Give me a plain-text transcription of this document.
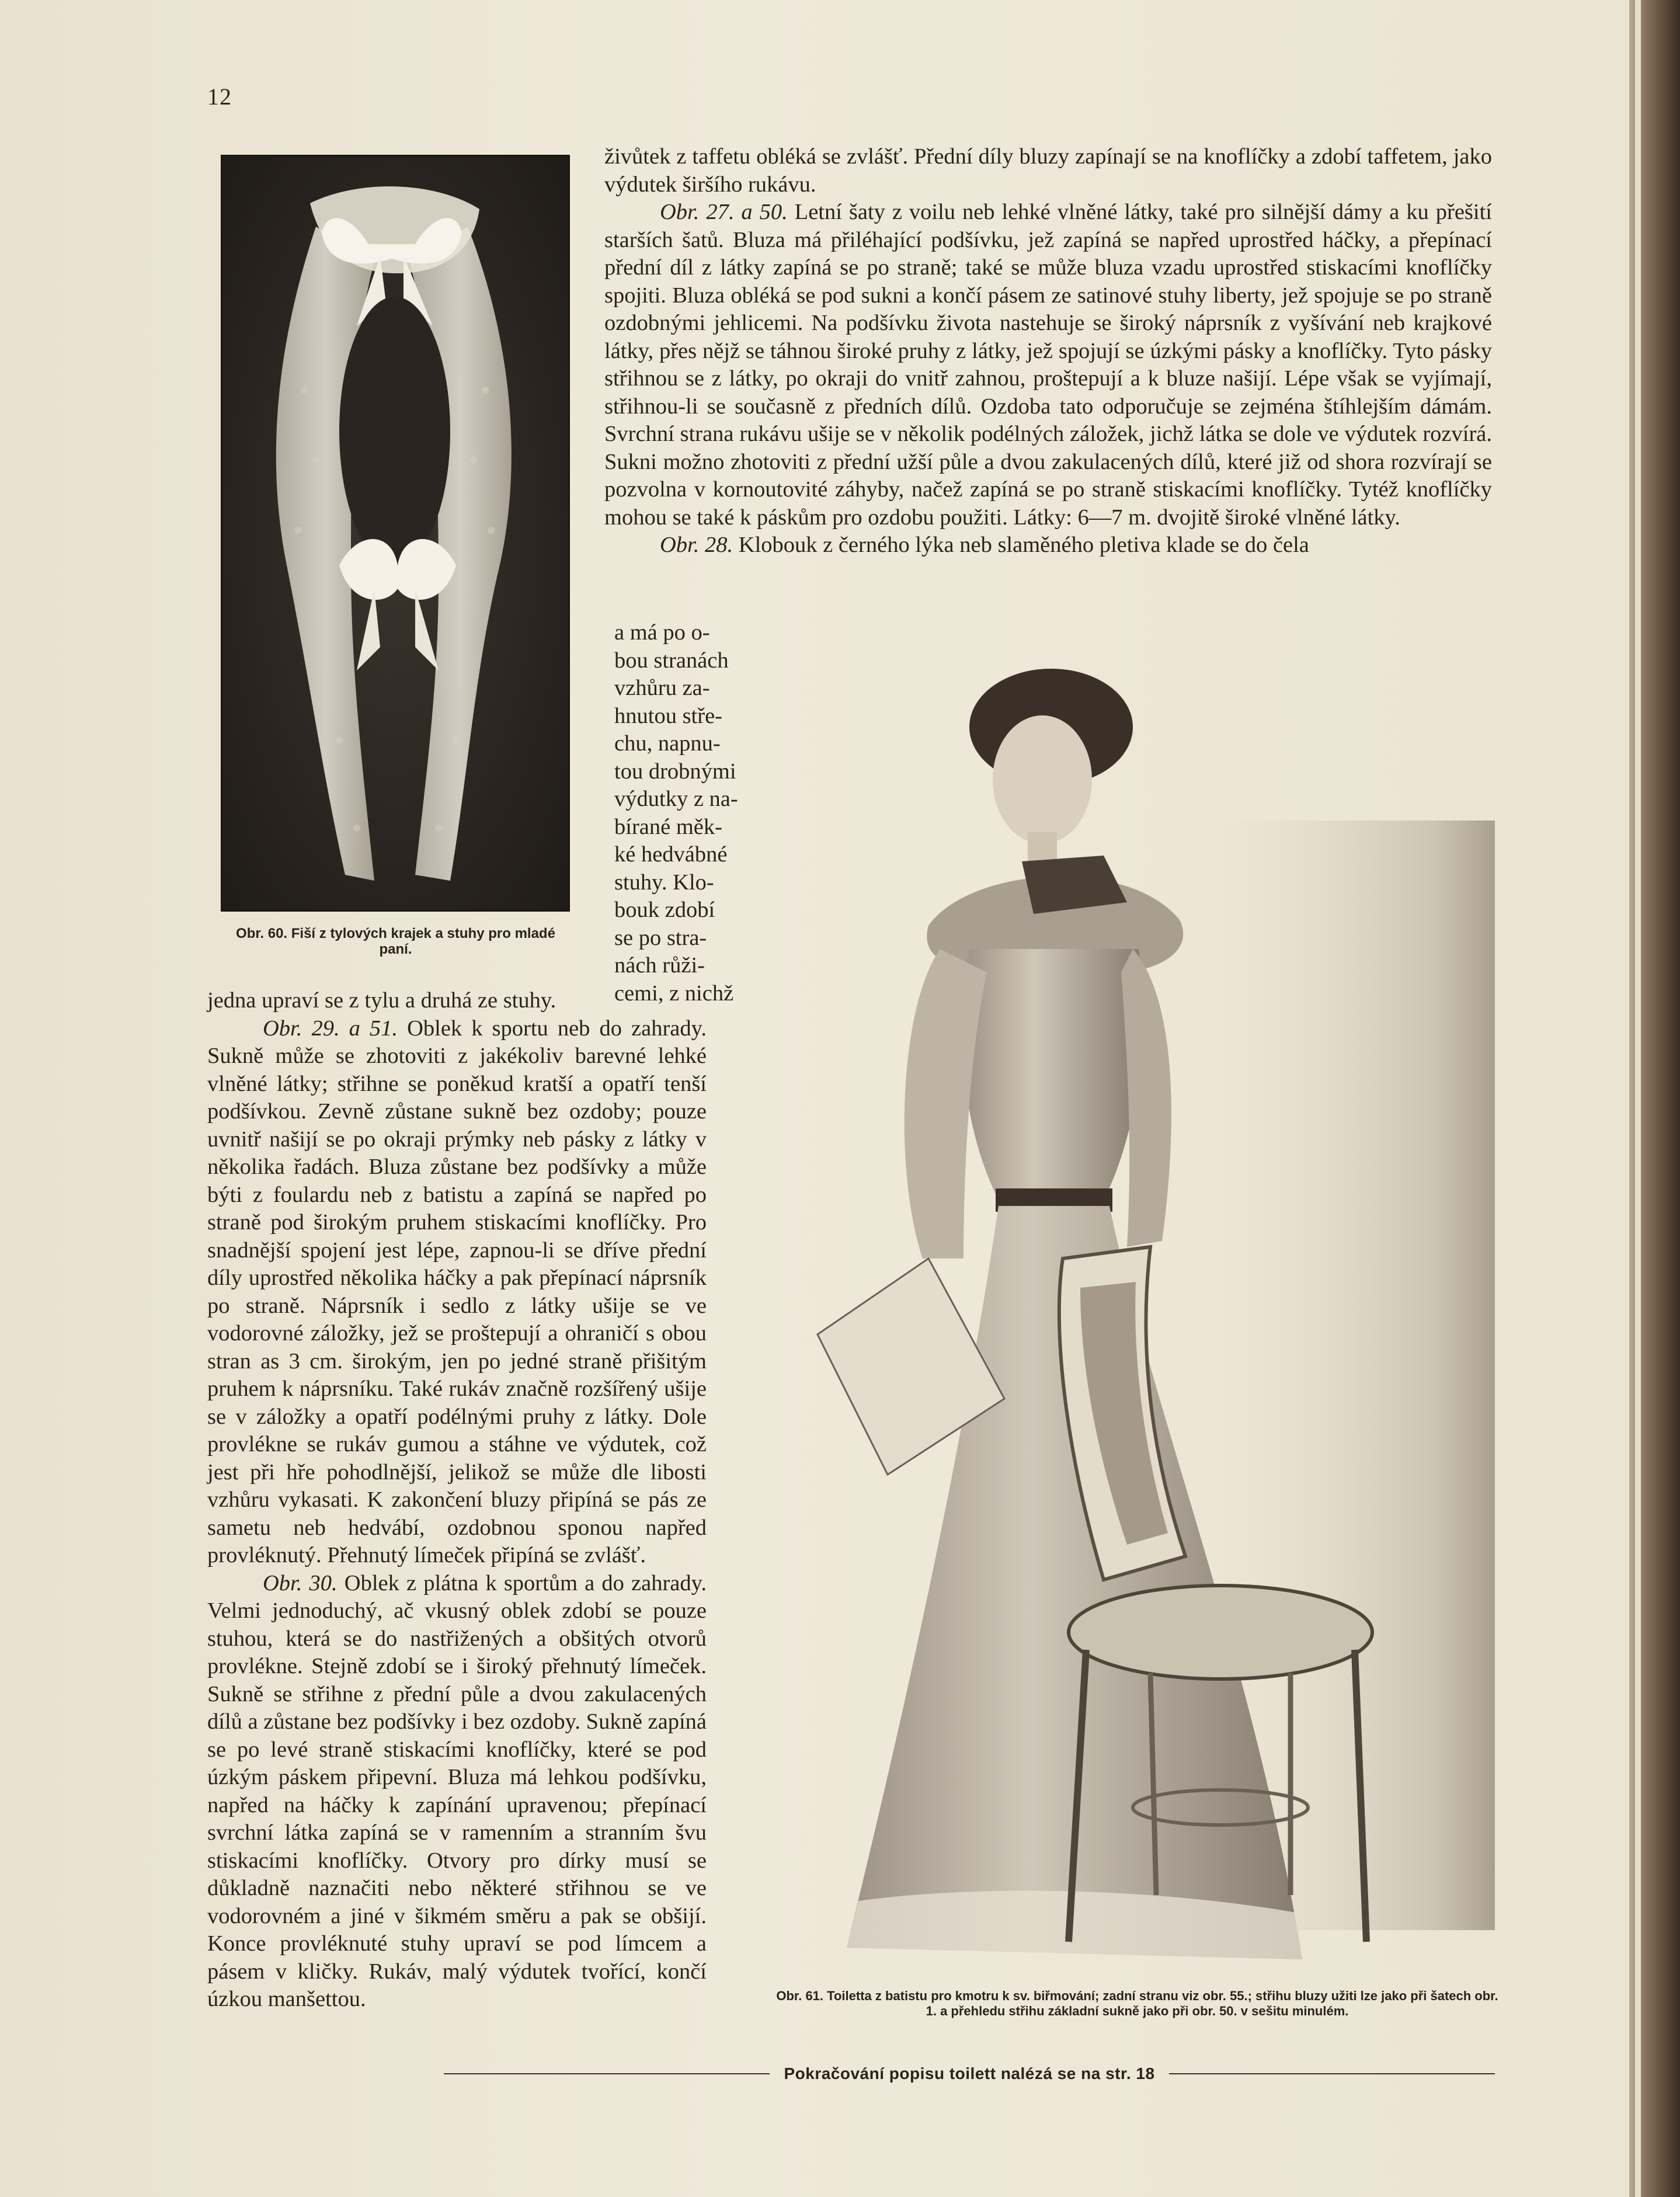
12
Obr. 60. Fiší z tylových krajek a stuhy pro mladé paní.

živůtek z taffetu obléká se zvlášť. Přední díly bluzy zapínají se na knoflíčky a zdobí taffetem, jako výdutek širšího rukávu.

Obr. 27. a 50. Letní šaty z voilu neb lehké vlněné látky, také pro silnější dámy a ku přešití starších šatů. Bluza má přiléhající podšívku, jež zapíná se napřed uprostřed háčky, a přepínací přední díl z látky zapíná se po straně; také se může bluza vzadu uprostřed stiskacími knoflíčky spojiti. Bluza obléká se pod sukni a končí pásem ze satinové stuhy liberty, jež spojuje se po straně ozdobnými jehlicemi. Na podšívku života nastehuje se široký náprsník z vyšívání neb krajkové látky, přes nějž se táhnou široké pruhy z látky, jež spojují se úzkými pásky a knoflíčky. Tyto pásky střihnou se z látky, po okraji do vnitř zahnou, proštepují a k bluze našijí. Lépe však se vyjímají, střihnou-li se současně z předních dílů. Ozdoba tato odporučuje se zejména štíhlejším dámám. Svrchní strana rukávu ušije se v několik podélných záložek, jichž látka se dole ve výdutek rozvírá. Sukni možno zhotoviti z přední užší půle a dvou zakulacených dílů, které již od shora rozvírají se pozvolna v kornoutovité záhyby, načež zapíná se po straně stiskacími knoflíčky. Tytéž knoflíčky mohou se také k páskům pro ozdobu použiti. Látky: 6—7 m. dvojitě široké vlněné látky.

Obr. 28. Klobouk z černého lýka neb slaměného pletiva klade se do čela

a má po o-
bou stranách
vzhůru za-
hnutou stře-
chu, napnu-
tou drobnými
výdutky z na-
bírané měk-
ké hedvábné
stuhy. Klo-
bouk zdobí
se po stra-
nách růži-
cemi, z nichž

jedna upraví se z tylu a druhá ze stuhy.

Obr. 29. a 51. Oblek k sportu neb do zahrady. Sukně může se zhotoviti z jakékoliv barevné lehké vlněné látky; střihne se poněkud kratší a opatří tenší podšívkou. Zevně zůstane sukně bez ozdoby; pouze uvnitř našijí se po okraji prýmky neb pásky z látky v několika řadách. Bluza zůstane bez podšívky a může býti z foulardu neb z batistu a zapíná se napřed po straně pod širokým pruhem stiskacími knoflíčky. Pro snadnější spojení jest lépe, zapnou-li se dříve přední díly uprostřed několika háčky a pak přepínací náprsník po straně. Náprsník i sedlo z látky ušije se ve vodorovné záložky, jež se proštepují a ohraničí s obou stran as 3 cm. širokým, jen po jedné straně přišitým pruhem k náprsníku. Také rukáv značně rozšířený ušije se v záložky a opatří podélnými pruhy z látky. Dole provlékne se rukáv gumou a stáhne ve výdutek, což jest při hře pohodlnější, jelikož se může dle libosti vzhůru vykasati. K zakončení bluzy připíná se pás ze sametu neb hedvábí, ozdobnou sponou napřed provléknutý. Přehnutý límeček připíná se zvlášť.

Obr. 30. Oblek z plátna k sportům a do zahrady. Velmi jednoduchý, ač vkusný oblek zdobí se pouze stuhou, která se do nastřižených a obšitých otvorů provlékne. Stejně zdobí se i široký přehnutý límeček. Sukně se střihne z přední půle a dvou zakulacených dílů a zůstane bez podšívky i bez ozdoby. Sukně zapíná se po levé straně stiskacími knoflíčky, které se pod úzkým páskem připevní. Bluza má lehkou podšívku, napřed na háčky k zapínání upravenou; přepínací svrchní látka zapíná se v ramenním a stranním švu stiskacími knoflíčky. Otvory pro dírky musí se důkladně naznačiti nebo některé střihnou se ve vodorovném a jiné v šikmém směru a pak se obšijí. Konce provléknuté stuhy upraví se pod límcem a pásem v kličky. Rukáv, malý výdutek tvořící, končí úzkou manšettou.	Obr. 61. Toiletta z batistu pro kmotru k sv. biřmování; zadní stranu viz obr. 55.; střihu bluzy užiti lze jako při šatech obr. 1. a přehledu střihu základní sukně jako při obr. 50. v sešitu minulém.
Pokračování popisu toilett nalézá se na str. 18
